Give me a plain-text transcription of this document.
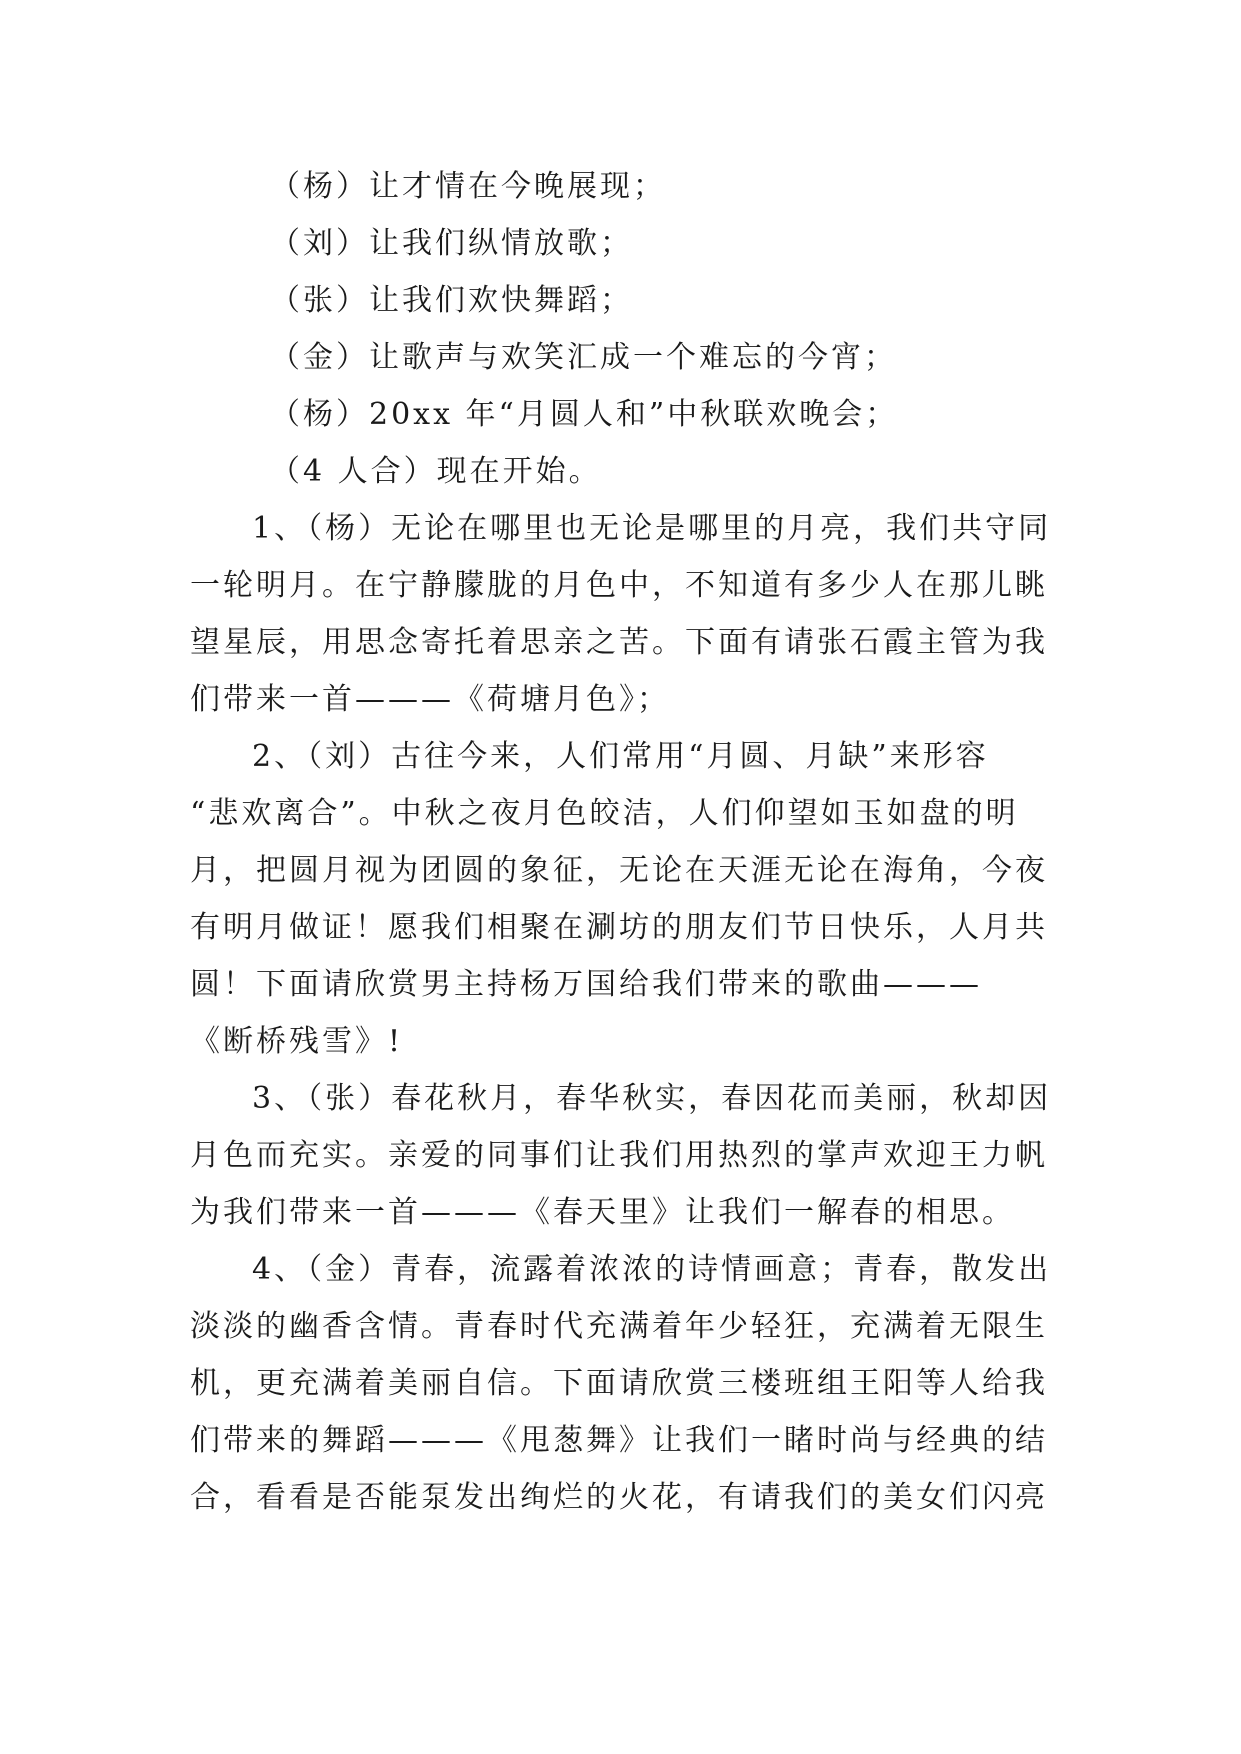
（杨）让才情在今晚展现；

（刘）让我们纵情放歌；

（张）让我们欢快舞蹈；

（金）让歌声与欢笑汇成一个难忘的今宵；

（杨）20xx 年“月圆人和”中秋联欢晚会；

（4 人合）现在开始。

1、（杨）无论在哪里也无论是哪里的月亮，我们共守同
一轮明月。在宁静朦胧的月色中，不知道有多少人在那儿眺
望星辰，用思念寄托着思亲之苦。下面有请张石霞主管为我
们带来一首———《荷塘月色》；
2、（刘）古往今来，人们常用“月圆、月缺”来形容
“悲欢离合”。中秋之夜月色皎洁，人们仰望如玉如盘的明
月，把圆月视为团圆的象征，无论在天涯无论在海角，今夜
有明月做证！愿我们相聚在涮坊的朋友们节日快乐，人月共
圆！下面请欣赏男主持杨万国给我们带来的歌曲———
《断桥残雪》!
3、（张）春花秋月，春华秋实，春因花而美丽，秋却因
月色而充实。亲爱的同事们让我们用热烈的掌声欢迎王力帆
为我们带来一首———《春天里》让我们一解春的相思。
4、（金）青春，流露着浓浓的诗情画意；青春，散发出
淡淡的幽香含情。青春时代充满着年少轻狂，充满着无限生
机，更充满着美丽自信。下面请欣赏三楼班组王阳等人给我
们带来的舞蹈———《甩葱舞》让我们一睹时尚与经典的结
合，看看是否能泵发出绚烂的火花，有请我们的美女们闪亮
